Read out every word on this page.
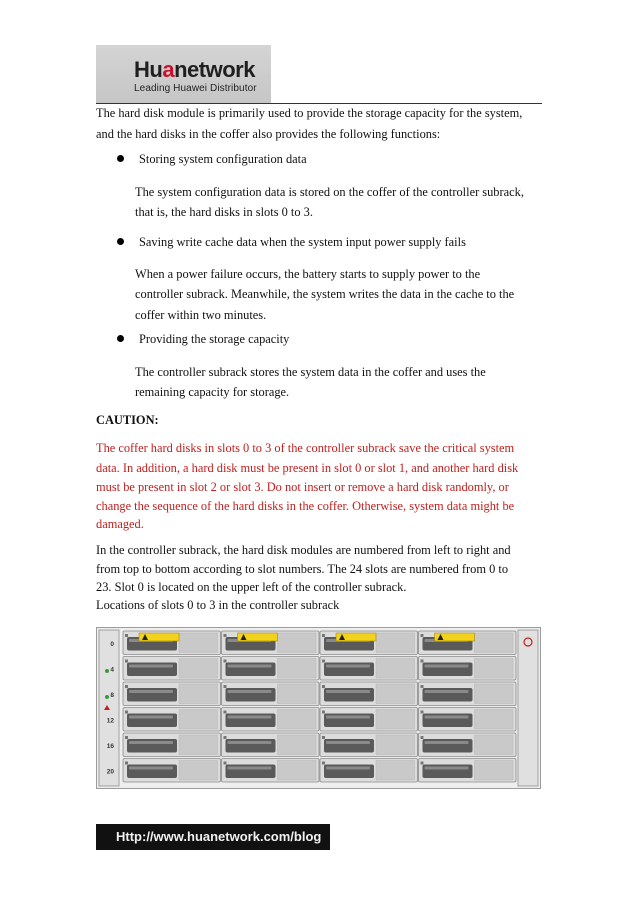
Huanetwork
Leading Huawei Distributor
The hard disk module is primarily used to provide the storage capacity for the system,
and the hard disks in the coffer also provides the following functions:
Storing system configuration data
The system configuration data is stored on the coffer of the controller subrack,
that is, the hard disks in slots 0 to 3.
Saving write cache data when the system input power supply fails
When a power failure occurs, the battery starts to supply power to the
controller subrack. Meanwhile, the system writes the data in the cache to the
coffer within two minutes.
Providing the storage capacity
The controller subrack stores the system data in the coffer and uses the
remaining capacity for storage.
CAUTION:
The coffer hard disks in slots 0 to 3 of the controller subrack save the critical system
data. In addition, a hard disk must be present in slot 0 or slot 1, and another hard disk
must be present in slot 2 or slot 3. Do not insert or remove a hard disk randomly, or
change the sequence of the hard disks in the coffer. Otherwise, system data might be
damaged.
In the controller subrack, the hard disk modules are numbered from left to right and
from top to bottom according to slot numbers. The 24 slots are numbered from 0 to
23. Slot 0 is located on the upper left of the controller subrack.
Locations of slots 0 to 3 in the controller subrack
0
4
8
12
16
20
Http://www.huanetwork.com/blog
